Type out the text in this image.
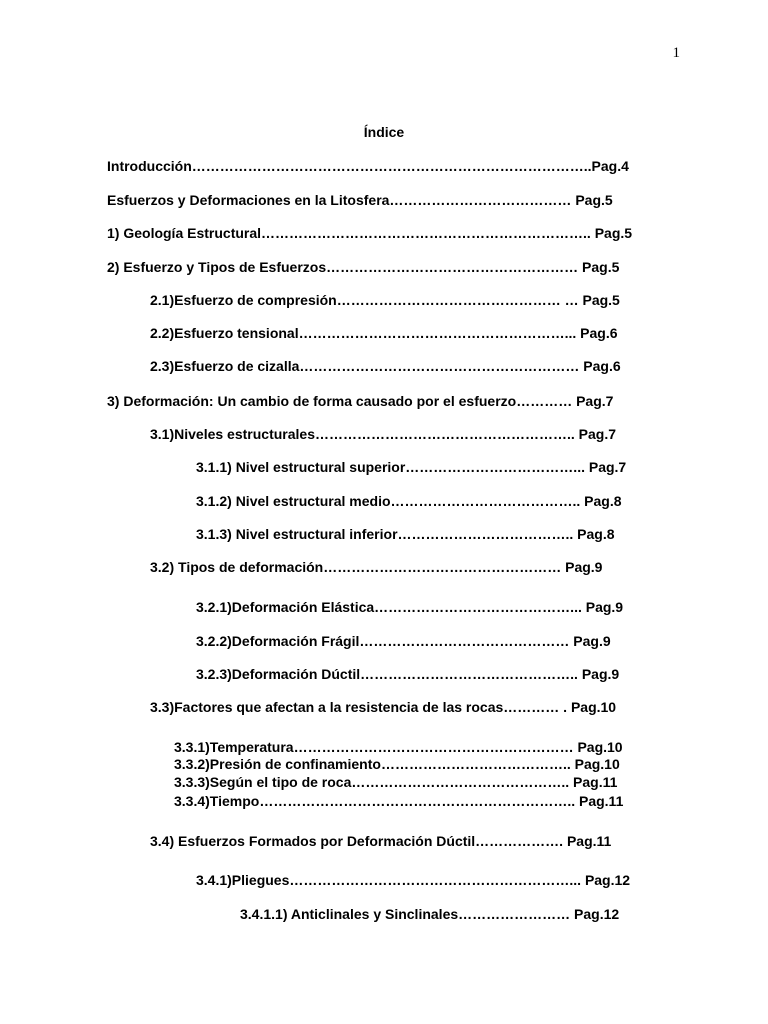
1
Índice
Introducción…………………………………………………………………………..Pag.4
Esfuerzos y Deformaciones en la Litosfera………………………………… Pag.5
1) Geología Estructural…………………………………………………………….. Pag.5
2) Esfuerzo y Tipos de Esfuerzos……………………………………………… Pag.5
2.1)Esfuerzo de compresión………………………………………… … Pag.5
2.2)Esfuerzo tensional…………………………………………………... Pag.6
2.3)Esfuerzo de cizalla…………………………………………………… Pag.6
3) Deformación: Un cambio de forma causado por el esfuerzo………… Pag.7
3.1)Niveles estructurales……………………………………………….. Pag.7
3.1.1) Nivel estructural superior………………………………... Pag.7
3.1.2) Nivel estructural medio………………………………….. Pag.8
3.1.3) Nivel estructural inferior……………………………….. Pag.8
3.2) Tipos de deformación…………………………………………… Pag.9
3.2.1)Deformación Elástica……………………………………... Pag.9
3.2.2)Deformación Frágil……………………………………… Pag.9
3.2.3)Deformación Dúctil……………………………………….. Pag.9
3.3)Factores que afectan a la resistencia de las rocas………… . Pag.10
3.3.1)Temperatura…………………………………………………… Pag.10
3.3.2)Presión de confinamiento………………………………….. Pag.10
3.3.3)Según el tipo de roca……………………………………….. Pag.11
3.3.4)Tiempo………………………………………………………….. Pag.11
3.4) Esfuerzos Formados por Deformación Dúctil………………. Pag.11
3.4.1)Pliegues……………………………………………………... Pag.12
3.4.1.1) Anticlinales y Sinclinales…………………… Pag.12
